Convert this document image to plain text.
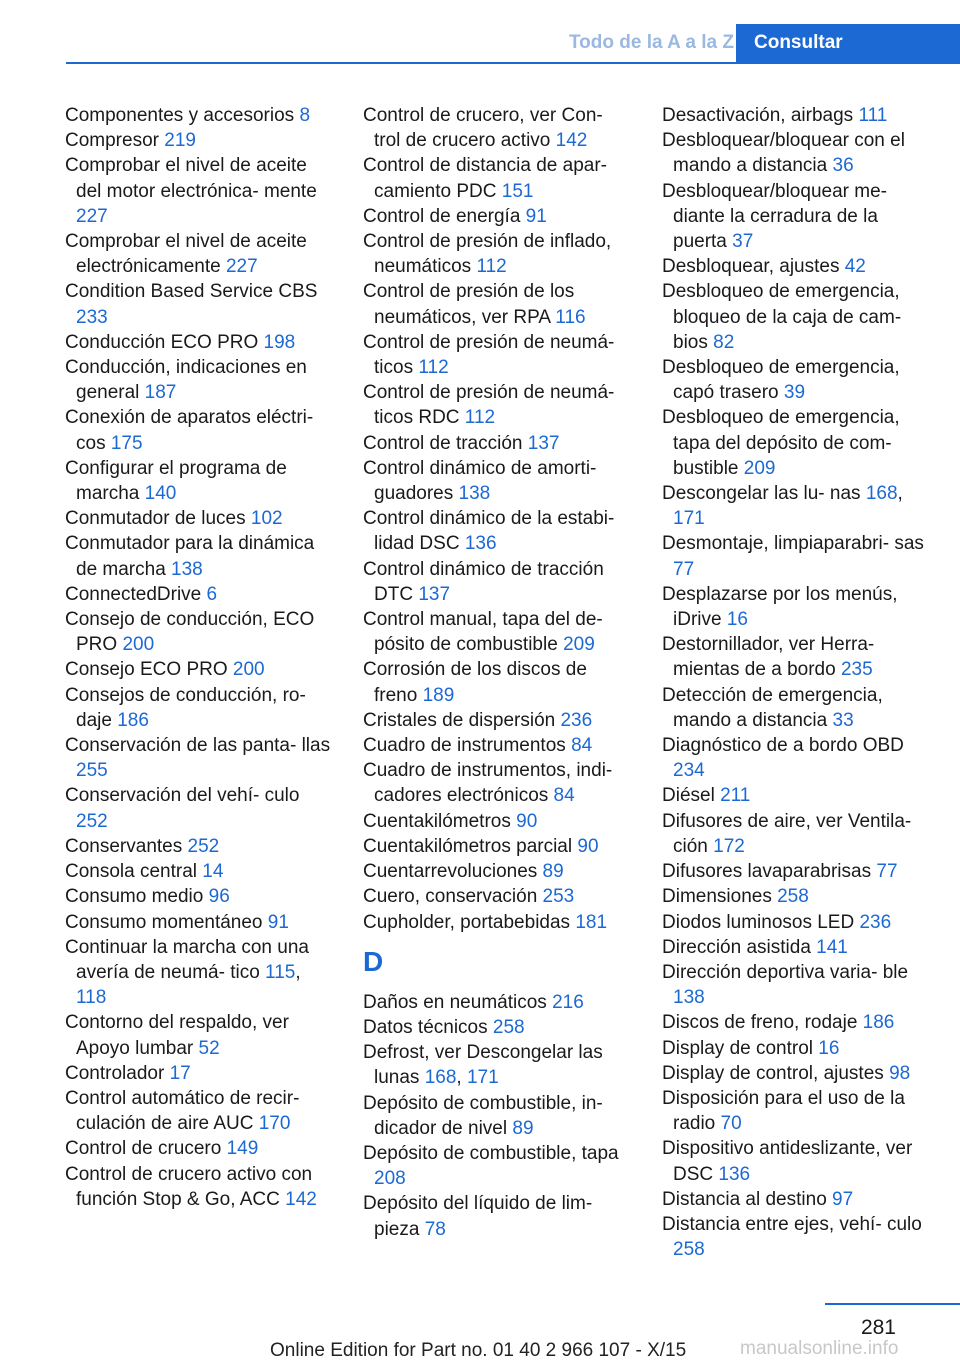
Todo de la A a la Z	Consultar
Componentes y accesorios 8
Compresor 219
Comprobar el nivel de aceite del motor electrónica‐ mente 227
Comprobar el nivel de aceite electrónicamente 227
Condition Based Service CBS 233
Conducción ECO PRO 198
Conducción, indicaciones en general 187
Conexión de aparatos eléctri‐ cos 175
Configurar el programa de marcha 140
Conmutador de luces 102
Conmutador para la dinámica de marcha 138
ConnectedDrive 6
Consejo de conducción, ECO PRO 200
Consejo ECO PRO 200
Consejos de conducción, ro‐ daje 186
Conservación de las panta‐ llas 255
Conservación del vehí‐ culo 252
Conservantes 252
Consola central 14
Consumo medio 96
Consumo momentáneo 91
Continuar la marcha con una avería de neumá‐ tico 115, 118
Contorno del respaldo, ver Apoyo lumbar 52
Controlador 17
Control automático de recir‐ culación de aire AUC 170
Control de crucero 149
Control de crucero activo con función Stop & Go, ACC 142
Control de crucero, ver Con‐ trol de crucero activo 142
Control de distancia de apar‐ camiento PDC 151
Control de energía 91
Control de presión de inflado, neumáticos 112
Control de presión de los neumáticos, ver RPA 116
Control de presión de neumá‐ ticos 112
Control de presión de neumá‐ ticos RDC 112
Control de tracción 137
Control dinámico de amorti‐ guadores 138
Control dinámico de la estabi‐ lidad DSC 136
Control dinámico de tracción DTC 137
Control manual, tapa del de‐ pósito de combustible 209
Corrosión de los discos de freno 189
Cristales de dispersión 236
Cuadro de instrumentos 84
Cuadro de instrumentos, indi‐ cadores electrónicos 84
Cuentakilómetros 90
Cuentakilómetros parcial 90
Cuentarrevoluciones 89
Cuero, conservación 253
Cupholder, portabebidas 181
D
Daños en neumáticos 216
Datos técnicos 258
Defrost, ver Descongelar las lunas 168, 171
Depósito de combustible, in‐ dicador de nivel 89
Depósito de combustible, tapa 208
Depósito del líquido de lim‐ pieza 78
Desactivación, airbags 111
Desbloquear/bloquear con el mando a distancia 36
Desbloquear/bloquear me‐ diante la cerradura de la puerta 37
Desbloquear, ajustes 42
Desbloqueo de emergencia, bloqueo de la caja de cam‐ bios 82
Desbloqueo de emergencia, capó trasero 39
Desbloqueo de emergencia, tapa del depósito de com‐ bustible 209
Descongelar las lu‐ nas 168, 171
Desmontaje, limpiaparabri‐ sas 77
Desplazarse por los menús, iDrive 16
Destornillador, ver Herra‐ mientas de a bordo 235
Detección de emergencia, mando a distancia 33
Diagnóstico de a bordo OBD 234
Diésel 211
Difusores de aire, ver Ventila‐ ción 172
Difusores lavaparabrisas 77
Dimensiones 258
Diodos luminosos LED 236
Dirección asistida 141
Dirección deportiva varia‐ ble 138
Discos de freno, rodaje 186
Display de control 16
Display de control, ajustes 98
Disposición para el uso de la radio 70
Dispositivo antideslizante, ver DSC 136
Distancia al destino 97
Distancia entre ejes, vehí‐ culo 258
281
Online Edition for Part no. 01 40 2 966 107 - X/15	manualsonline.info
